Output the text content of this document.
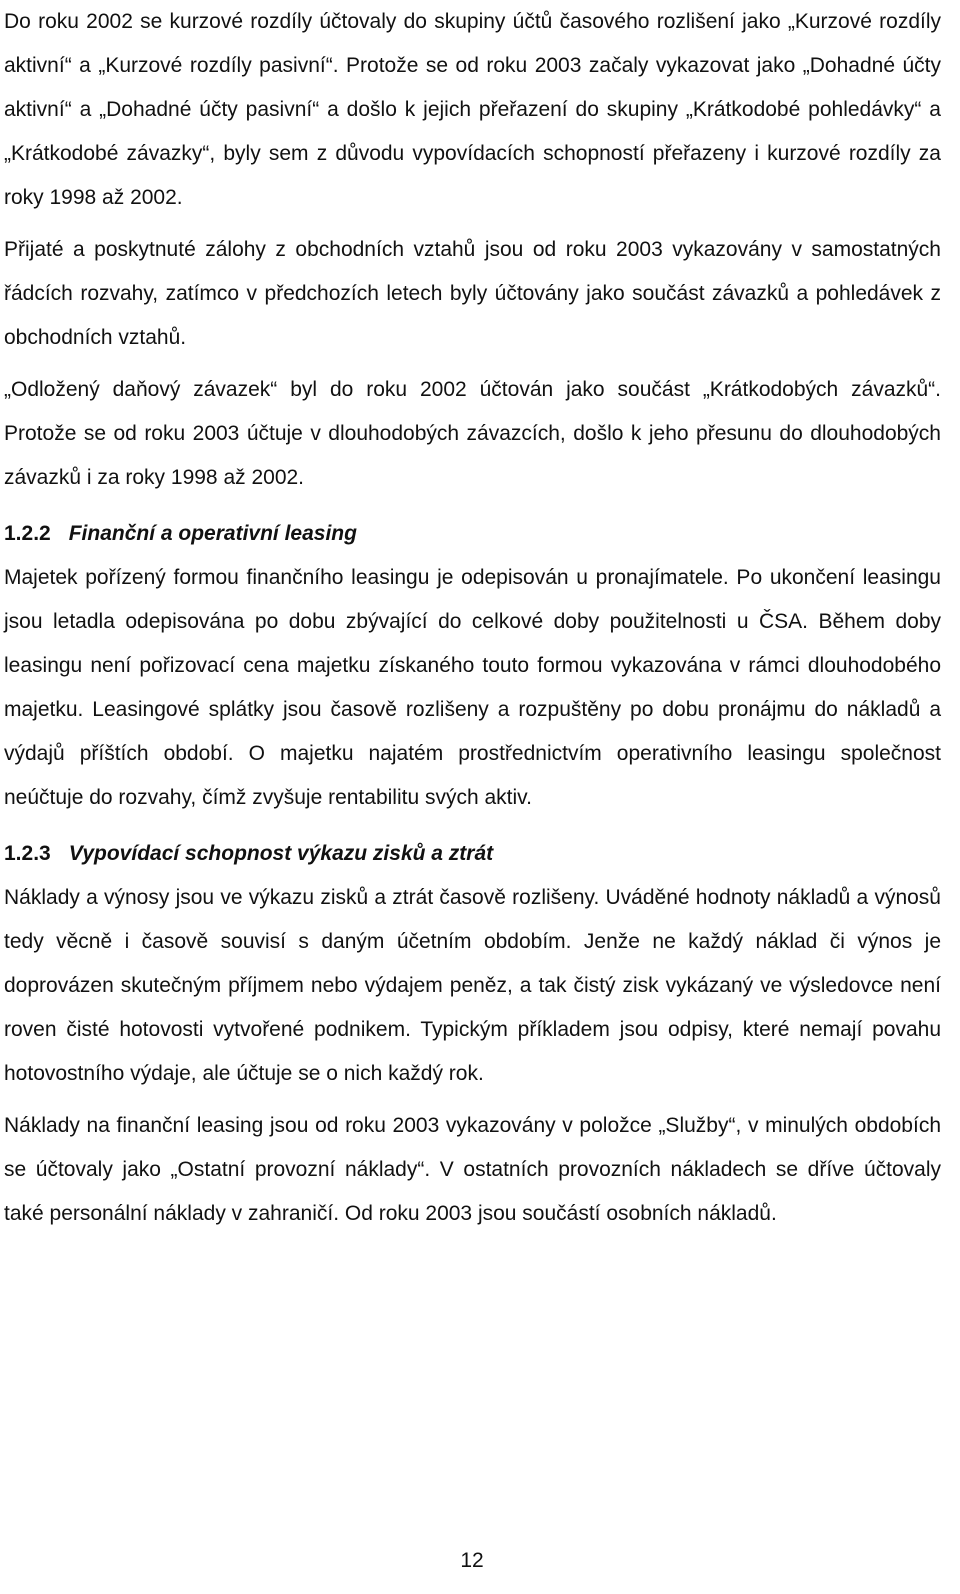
Do roku 2002 se kurzové rozdíly účtovaly do skupiny účtů časového rozlišení jako „Kurzové rozdíly aktivní“ a „Kurzové rozdíly pasivní“. Protože se od roku 2003 začaly vykazovat jako „Dohadné účty aktivní“ a „Dohadné účty pasivní“ a došlo k jejich přeřazení do skupiny „Krátkodobé pohledávky“ a „Krátkodobé závazky“, byly sem z důvodu vypovídacích schopností přeřazeny i kurzové rozdíly za roky 1998 až 2002.

Přijaté a poskytnuté zálohy z obchodních vztahů jsou od roku 2003 vykazovány v samostatných řádcích rozvahy, zatímco v předchozích letech byly účtovány jako součást závazků a pohledávek z obchodních vztahů.

„Odložený daňový závazek“ byl do roku 2002 účtován jako součást „Krátkodobých závazků“. Protože se od roku 2003 účtuje v dlouhodobých závazcích, došlo k jeho přesunu do dlouhodobých závazků i za roky 1998 až 2002.

1.2.2 Finanční a operativní leasing

Majetek pořízený formou finančního leasingu je odepisován u pronajímatele. Po ukončení leasingu jsou letadla odepisována po dobu zbývající do celkové doby použitelnosti u ČSA. Během doby leasingu není pořizovací cena majetku získaného touto formou vykazována v rámci dlouhodobého majetku. Leasingové splátky jsou časově rozlišeny a rozpuštěny po dobu pronájmu do nákladů a výdajů příštích období. O majetku najatém prostřednictvím operativního leasingu společnost neúčtuje do rozvahy, čímž zvyšuje rentabilitu svých aktiv.

1.2.3 Vypovídací schopnost výkazu zisků a ztrát

Náklady a výnosy jsou ve výkazu zisků a ztrát časově rozlišeny. Uváděné hodnoty nákladů a výnosů tedy věcně i časově souvisí s daným účetním obdobím. Jenže ne každý náklad či výnos je doprovázen skutečným příjmem nebo výdajem peněz, a tak čistý zisk vykázaný ve výsledovce není roven čisté hotovosti vytvořené podnikem. Typickým příkladem jsou odpisy, které nemají povahu hotovostního výdaje, ale účtuje se o nich každý rok.

Náklady na finanční leasing jsou od roku 2003 vykazovány v položce „Služby“, v minulých obdobích se účtovaly jako „Ostatní provozní náklady“. V ostatních provozních nákladech se dříve účtovaly také personální náklady v zahraničí. Od roku 2003 jsou součástí osobních nákladů.

12
